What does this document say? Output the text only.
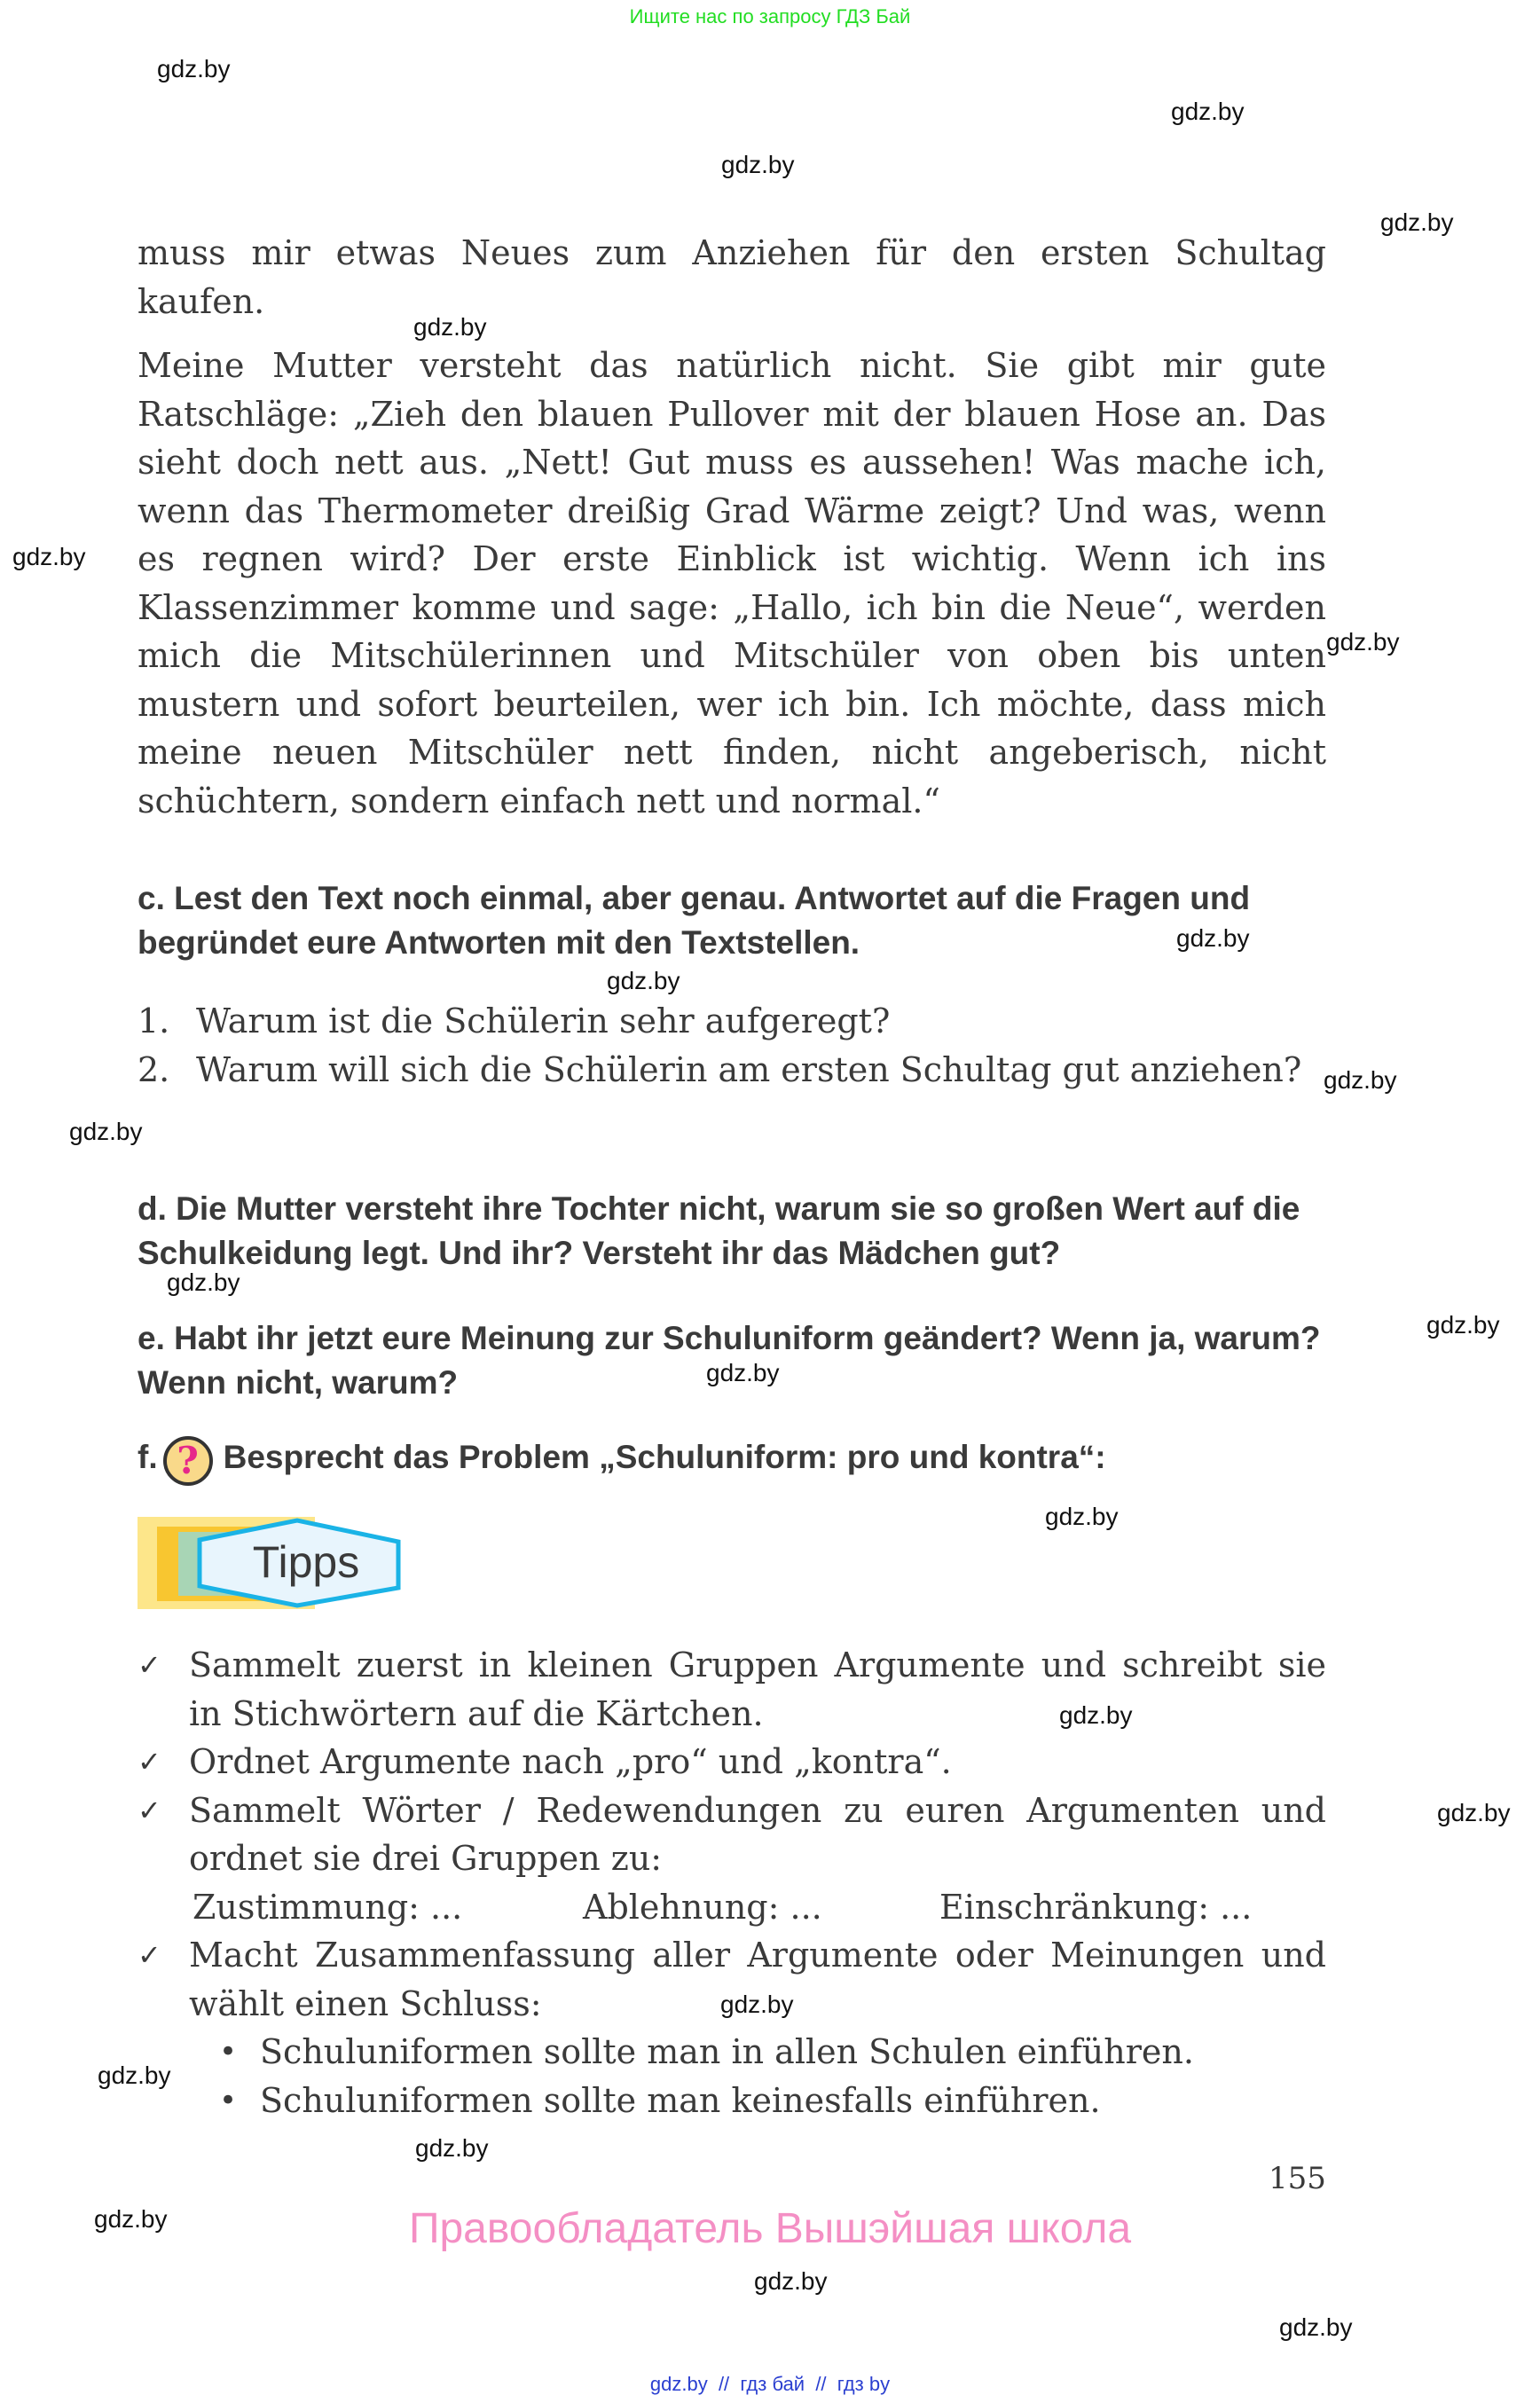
Ищите нас по запросу ГДЗ Бай
gdz.by
gdz.by
gdz.by
gdz.by
gdz.by
gdz.by
gdz.by
gdz.by
gdz.by
gdz.by
gdz.by
gdz.by
gdz.by
gdz.by
gdz.by
gdz.by
gdz.by
gdz.by
gdz.by
gdz.by
gdz.by
gdz.by
gdz.by

muss mir etwas Neues zum Anziehen für den ersten Schultag kaufen.

Meine Mutter versteht das natürlich nicht. Sie gibt mir gute Ratschläge: „Zieh den blauen Pullover mit der blauen Hose an. Das sieht doch nett aus. „Nett! Gut muss es aussehen! Was mache ich, wenn das Thermometer dreißig Grad Wärme zeigt? Und was, wenn es regnen wird? Der erste Einblick ist wichtig. Wenn ich ins Klassenzimmer komme und sage: „Hallo, ich bin die Neue“, werden mich die Mitschülerinnen und Mitschüler von oben bis unten mustern und sofort beurteilen, wer ich bin. Ich möchte, dass mich meine neuen Mitschüler nett finden, nicht angeberisch, nicht schüchtern, sondern einfach nett und normal.“

c. Lest den Text noch einmal, aber genau. Antwortet auf die Fragen und begründet eure Antworten mit den Textstellen.
1. Warum ist die Schülerin sehr aufgeregt?
2. Warum will sich die Schülerin am ersten Schultag gut anziehen?
d. Die Mutter versteht ihre Tochter nicht, warum sie so großen Wert auf die Schulkeidung legt. Und ihr? Versteht ihr das Mädchen gut?
e. Habt ihr jetzt eure Meinung zur Schuluniform geändert? Wenn ja, warum? Wenn nicht, warum?
f. ? Besprecht das Problem „Schuluniform: pro und kontra“:
Tipps
✓ Sammelt zuerst in kleinen Gruppen Argumente und schreibt sie in Stichwörtern auf die Kärtchen.
✓ Ordnet Argumente nach „pro“ und „kontra“.
✓ Sammelt Wörter / Redewendungen zu euren Argumenten und ordnet sie drei Gruppen zu:
Zustimmung: ...	Ablehnung: ...	Einschränkung: ...
✓ Macht Zusammenfassung aller Argumente oder Meinungen und wählt einen Schluss:
• Schuluniformen sollte man in allen Schulen einführen.
• Schuluniformen sollte man keinesfalls einführen.
155
Правообладатель Вышэйшая школа
gdz.by  //  гдз бай  //  гдз by
